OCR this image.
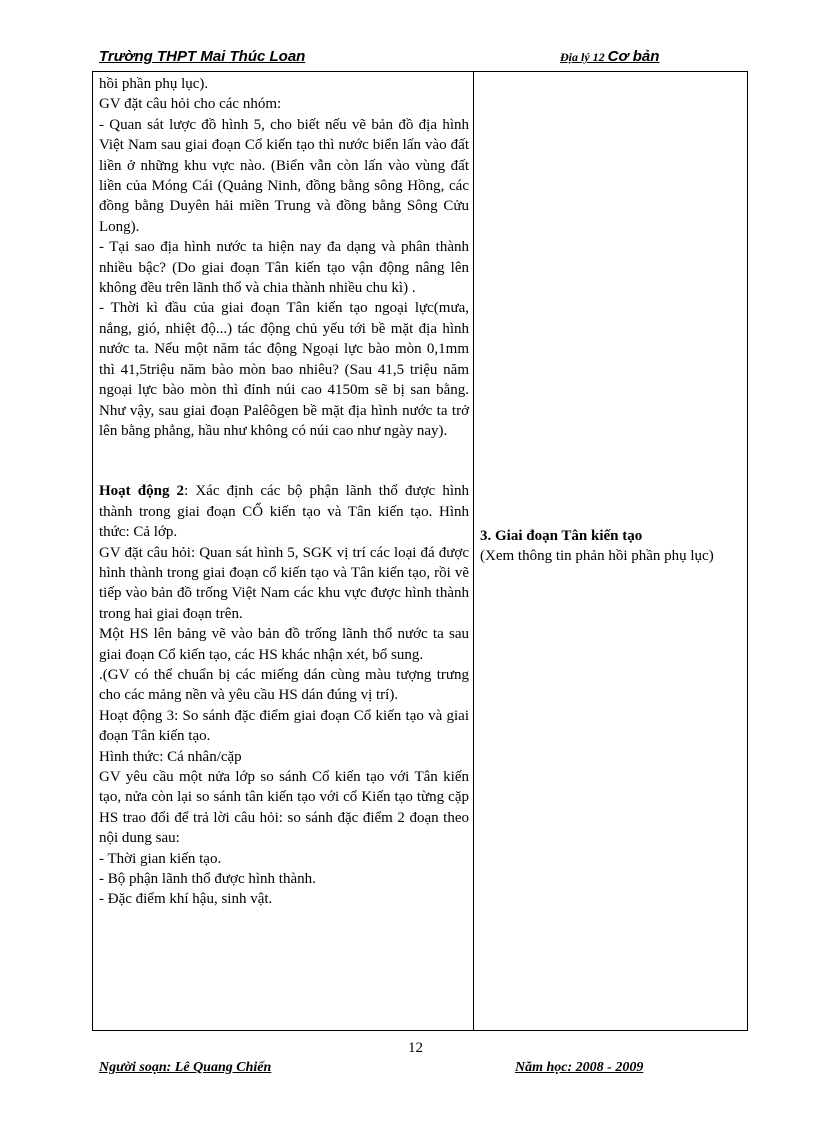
Trường THPT Mai Thúc Loan	Địa lý 12 Cơ bản

hồi phần phụ lục).

GV đặt câu hỏi cho các nhóm:

- Quan sát lược đồ hình 5, cho biết nếu vẽ bản đồ địa hình Việt Nam sau giai đoạn Cổ kiến tạo thì nước biển lấn vào đất liền ở những khu vực nào. (Biển vẫn còn lấn vào vùng đất liền của Móng Cái (Quảng Ninh, đồng bằng sông Hồng, các đồng bằng Duyên hải miền Trung và đồng bằng Sông Cửu Long).

- Tại sao địa hình nước ta hiện nay đa dạng và phân thành nhiều bậc? (Do giai đoạn Tân kiến tạo vận động nâng lên không đều trên lãnh thổ và chia thành nhiều chu kì) .

- Thời kì đầu của giai đoạn Tân kiến tạo ngoại lực(mưa, nắng, gió, nhiệt độ...) tác động chủ yếu tới bề mặt địa hình nước ta. Nếu một năm tác động Ngoại lực bào mòn 0,1mm thì 41,5triệu năm bào mòn bao nhiêu? (Sau 41,5 triệu năm ngoại lực bào mòn thì đỉnh núi cao 4150m sẽ bị san bằng. Như vậy, sau giai đoạn Palêôgen bề mặt địa hình nước ta trở lên bằng phẳng, hầu như không có núi cao như ngày nay).

Hoạt động 2: Xác định các bộ phận lãnh thổ được hình thành trong giai đoạn CỔ kiến tạo và Tân kiến tạo. Hình thức: Cả lớp.

GV đặt câu hỏi: Quan sát hình 5, SGK vị trí các loại đá được hình thành trong giai đoạn cổ kiến tạo và Tân kiến tạo, rồi vẽ tiếp vào bản đồ trống Việt Nam các khu vực được hình thành trong hai giai đoạn trên.

Một HS lên bảng vẽ vào bản đồ trống lãnh thổ nước ta sau giai đoạn Cổ kiến tạo, các HS khác nhận xét, bổ sung.

.(GV có thể chuẩn bị các miếng dán cùng màu tượng trưng cho các mảng nền và yêu cầu HS dán đúng vị trí).

Hoạt động 3: So sánh đặc điểm giai đoạn Cổ kiến tạo và giai đoạn Tân kiến tạo.

Hình thức: Cá nhân/cặp

GV yêu cầu một nửa lớp so sánh Cổ kiến tạo với Tân kiến tạo, nửa còn lại so sánh tân kiến tạo với cổ Kiến tạo từng cặp HS trao đổi để trả lời câu hỏi: so sánh đặc điểm 2 đoạn theo nội dung sau:

- Thời gian kiến tạo.

- Bộ phận lãnh thổ được hình thành.

- Đặc điểm khí hậu, sinh vật.

3. Giai đoạn Tân kiến tạo

(Xem thông tin phản hồi phần phụ lục)

12
Người soạn: Lê Quang Chiến	Năm học: 2008 - 2009
